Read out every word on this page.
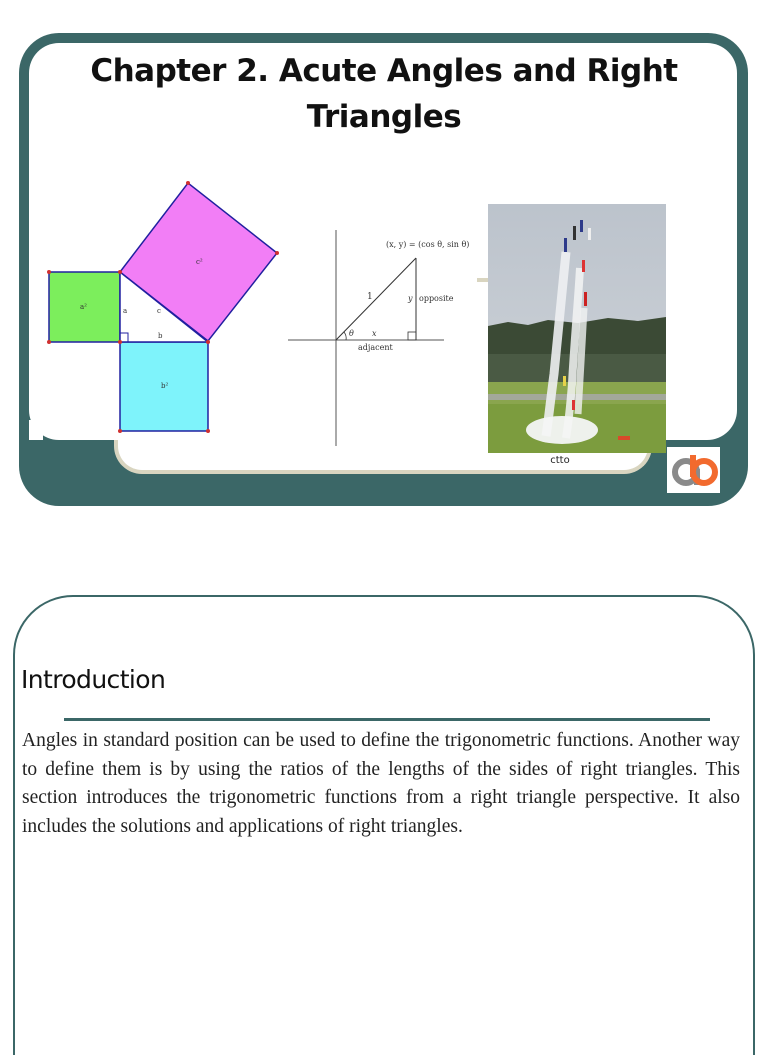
Chapter 2. Acute Angles and Right Triangles
a²
b²
c²
a
b
c
(x, y) = (cos θ, sin θ)
1	y opposite
θ x
adjacent
ctto
Introduction
Angles in standard position can be used to define the trigonometric functions. Another way to define them is by using the ratios of the lengths of the sides of right triangles. This section introduces the trigonometric functions from a right triangle perspective. It also includes the solutions and applications of right triangles.
